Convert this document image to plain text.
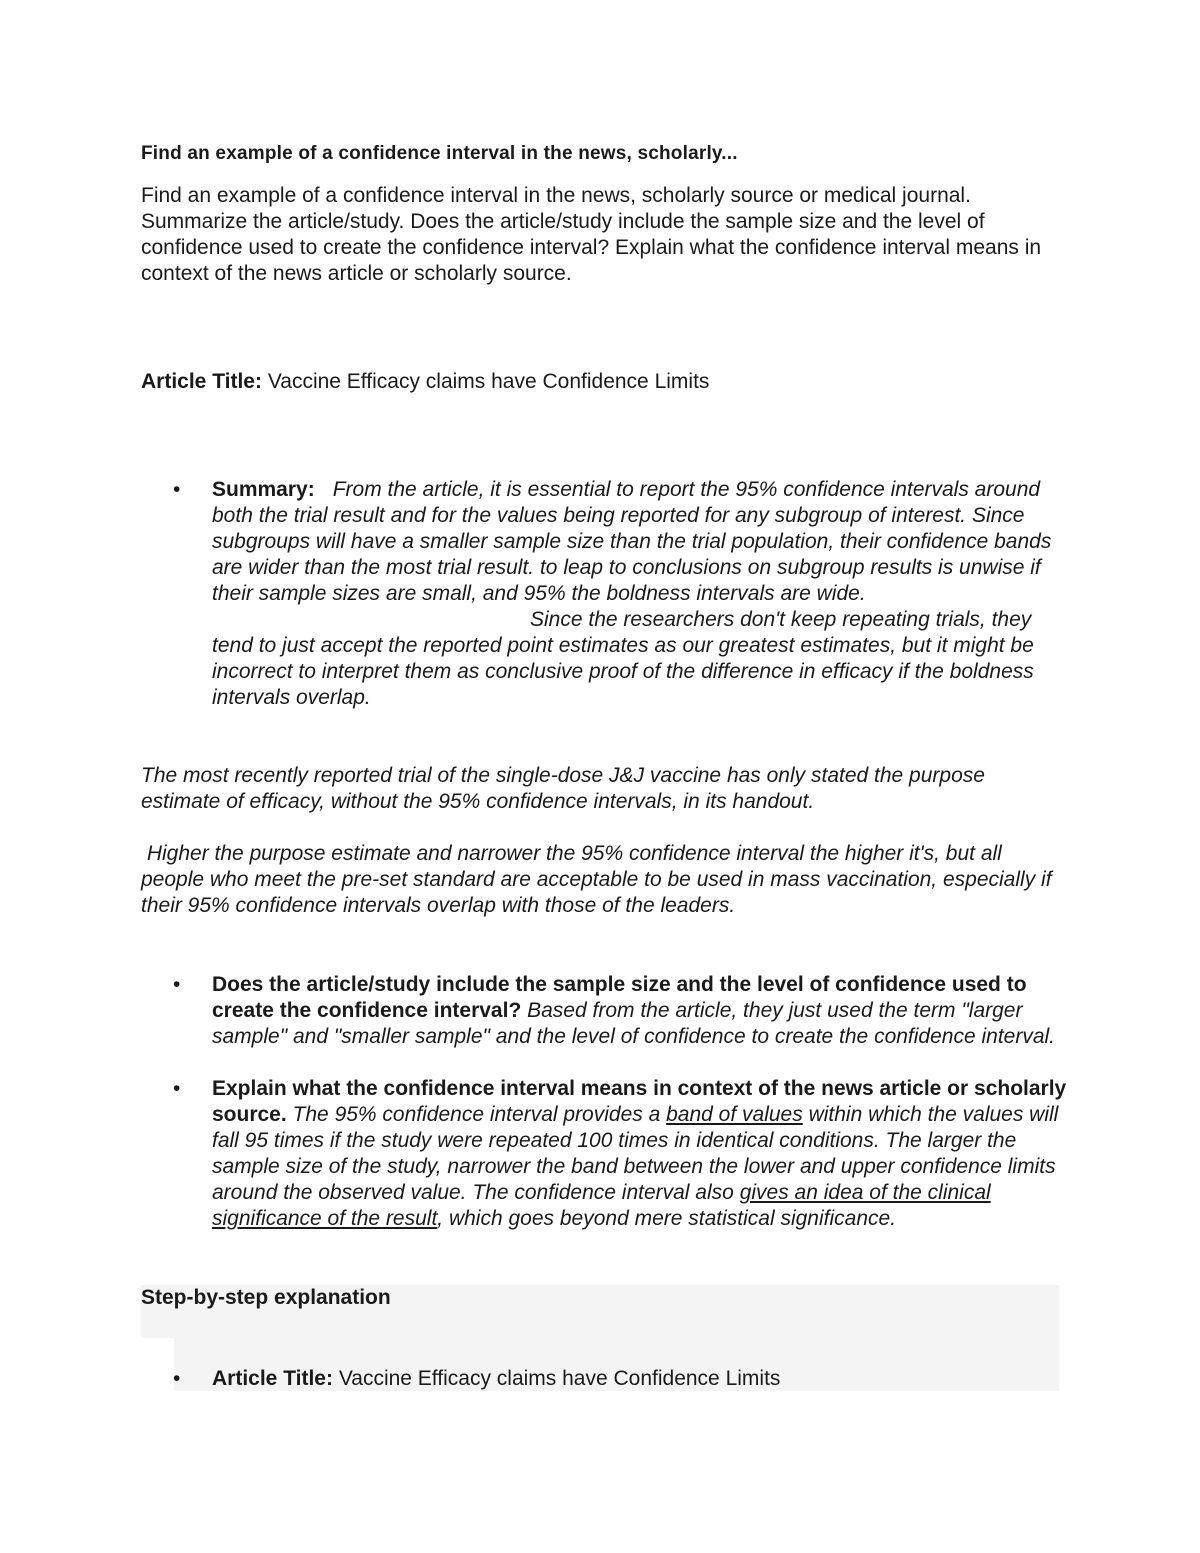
Find an example of a confidence interval in the news, scholarly...
Find an example of a confidence interval in the news, scholarly source or medical journal. Summarize the article/study. Does the article/study include the sample size and the level of confidence used to create the confidence interval? Explain what the confidence interval means in context of the news article or scholarly source.
Article Title: Vaccine Efficacy claims have Confidence Limits
• Summary: From the article, it is essential to report the 95% confidence intervals around both the trial result and for the values being reported for any subgroup of interest. Since subgroups will have a smaller sample size than the trial population, their confidence bands are wider than the most trial result. to leap to conclusions on subgroup results is unwise if their sample sizes are small, and 95% the boldness intervals are wide.Since the researchers don't keep repeating trials, they tend to just accept the reported point estimates as our greatest estimates, but it might be incorrect to interpret them as conclusive proof of the difference in efficacy if the boldness intervals overlap.
The most recently reported trial of the single-dose J&J vaccine has only stated the purpose estimate of efficacy, without the 95% confidence intervals, in its handout.
Higher the purpose estimate and narrower the 95% confidence interval the higher it's, but all people who meet the pre-set standard are acceptable to be used in mass vaccination, especially if their 95% confidence intervals overlap with those of the leaders.
• Does the article/study include the sample size and the level of confidence used to create the confidence interval? Based from the article, they just used the term "larger sample" and "smaller sample" and the level of confidence to create the confidence interval.
• Explain what the confidence interval means in context of the news article or scholarly source. The 95% confidence interval provides a band of values within which the values will fall 95 times if the study were repeated 100 times in identical conditions. The larger the sample size of the study, narrower the band between the lower and upper confidence limits around the observed value. The confidence interval also gives an idea of the clinical significance of the result, which goes beyond mere statistical significance.
Step-by-step explanation
• Article Title: Vaccine Efficacy claims have Confidence Limits
